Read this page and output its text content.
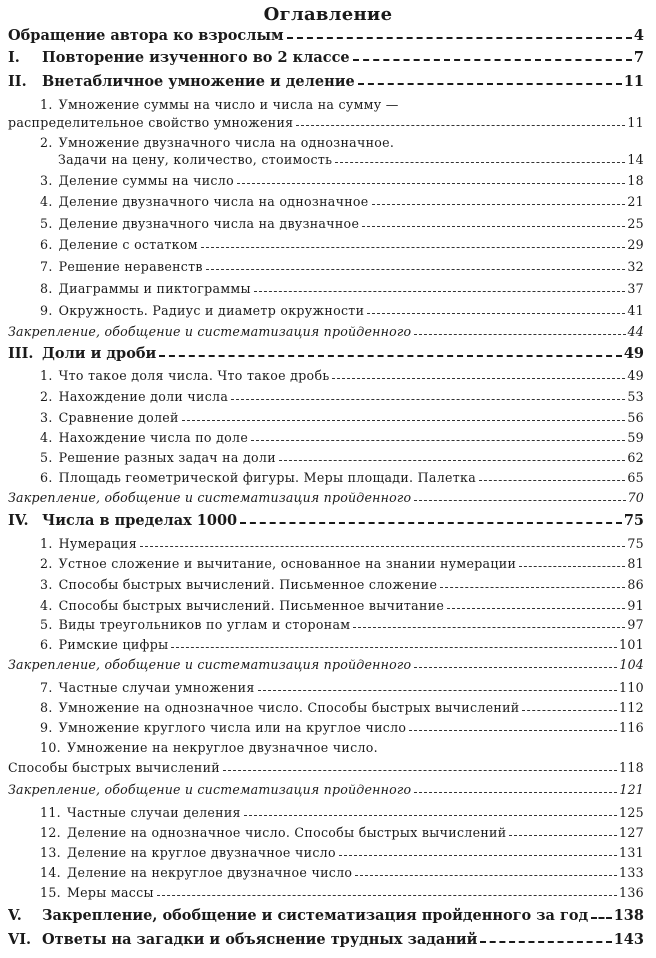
Оглавление
Обращение автора ко взрослым	4
I. Повторение изученного во 2 классе	7
II. Внетабличное умножение и деление	11
1. Умножение суммы на число и числа на сумму —
распределительное свойство умножения	11
2. Умножение двузначного числа на однозначное.
Задачи на цену, количество, стоимость	14
3. Деление суммы на число	18
4. Деление двузначного числа на однозначное	21
5. Деление двузначного числа на двузначное	25
6. Деление с остатком	29
7. Решение неравенств	32
8. Диаграммы и пиктограммы	37
9. Окружность. Радиус и диаметр окружности	41
Закрепление, обобщение и систематизация пройденного	44
III. Доли и дроби	49
1. Что такое доля числа. Что такое дробь	49
2. Нахождение доли числа	53
3. Сравнение долей	56
4. Нахождение числа по доле	59
5. Решение разных задач на доли	62
6. Площадь геометрической фигуры. Меры площади. Палетка	65
Закрепление, обобщение и систематизация пройденного	70
IV. Числа в пределах 1000	75
1. Нумерация	75
2. Устное сложение и вычитание, основанное на знании нумерации	81
3. Способы быстрых вычислений. Письменное сложение	86
4. Способы быстрых вычислений. Письменное вычитание	91
5. Виды треугольников по углам и сторонам	97
6. Римские цифры	101
Закрепление, обобщение и систематизация пройденного	104
7. Частные случаи умножения	110
8. Умножение на однозначное число. Способы быстрых вычислений	112
9. Умножение круглого числа или на круглое число	116
10. Умножение на некруглое двузначное число.
Способы быстрых вычислений	118
Закрепление, обобщение и систематизация пройденного	121
11. Частные случаи деления	125
12. Деление на однозначное число. Способы быстрых вычислений	127
13. Деление на круглое двузначное число	131
14. Деление на некруглое двузначное число	133
15. Меры массы	136
V. Закрепление, обобщение и систематизация пройденного за год 138
VI. Ответы на загадки и объяснение трудных заданий	143
